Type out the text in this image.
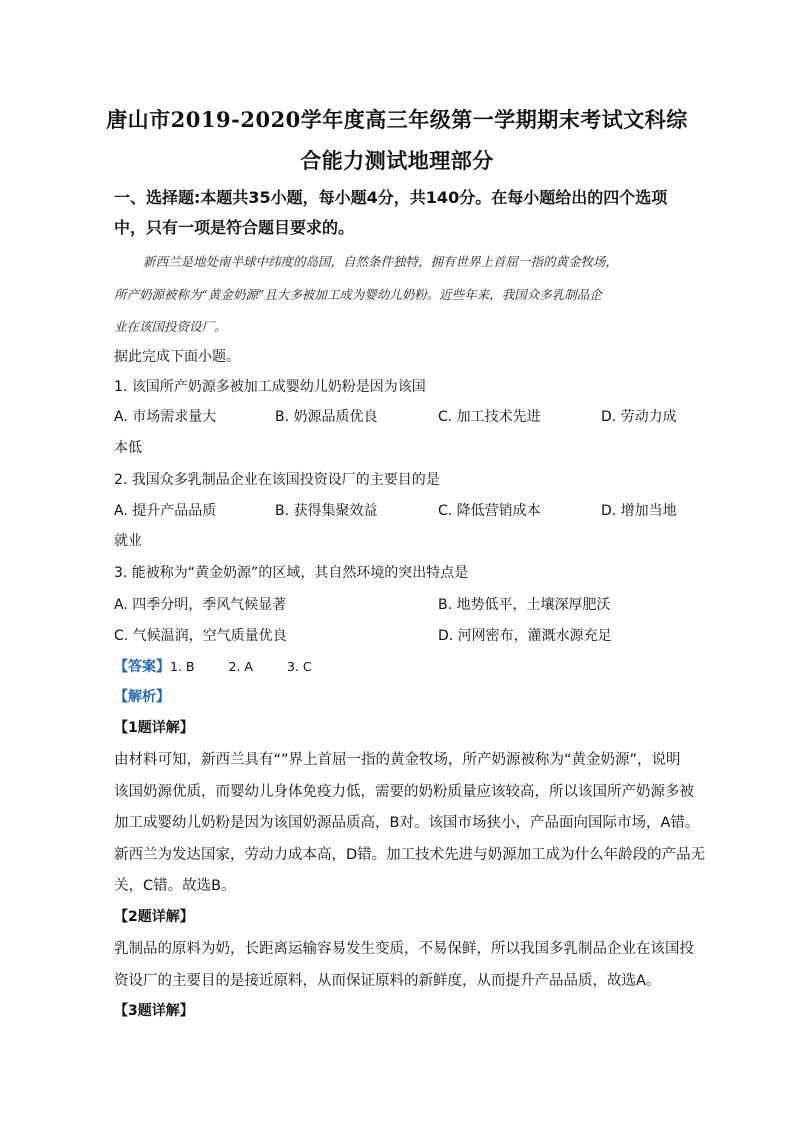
唐山市2019-2020学年度高三年级第一学期期末考试文科综
合能力测试地理部分
一、选择题:本题共35小题，每小题4分，共140分。在每小题给出的四个选项
中，只有一项是符合题目要求的。
新西兰是地处南半球中纬度的岛国，自然条件独特，拥有世界上首屈一指的黄金牧场，
所产奶源被称为“黄金奶源”且大多被加工成为婴幼儿奶粉。近些年来，我国众多乳制品企
业在该国投资设厂。
据此完成下面小题。
1. 该国所产奶源多被加工成婴幼儿奶粉是因为该国
A. 市场需求量大	B. 奶源品质优良	C. 加工技术先进	D. 劳动力成
本低
2. 我国众多乳制品企业在该国投资设厂的主要目的是
A. 提升产品品质	B. 获得集聚效益	C. 降低营销成本	D. 增加当地
就业
3. 能被称为“黄金奶源”的区域，其自然环境的突出特点是
A. 四季分明，季风气候显著	B. 地势低平，土壤深厚肥沃
C. 气候温润，空气质量优良	D. 河网密布，灌溉水源充足
【答案】1. B	2. A	3. C
【解析】
【1题详解】
由材料可知，新西兰具有“”界上首屈一指的黄金牧场，所产奶源被称为“黄金奶源”，说明
该国奶源优质，而婴幼儿身体免疫力低，需要的奶粉质量应该较高，所以该国所产奶源多被
加工成婴幼儿奶粉是因为该国奶源品质高，B对。该国市场狭小，产品面向国际市场，A错。
新西兰为发达国家，劳动力成本高，D错。加工技术先进与奶源加工成为什么年龄段的产品无
关，C错。故选B。
【2题详解】
乳制品的原料为奶，长距离运输容易发生变质，不易保鲜，所以我国多乳制品企业在该国投
资设厂的主要目的是接近原料，从而保证原料的新鲜度，从而提升产品品质，故选A。
【3题详解】
